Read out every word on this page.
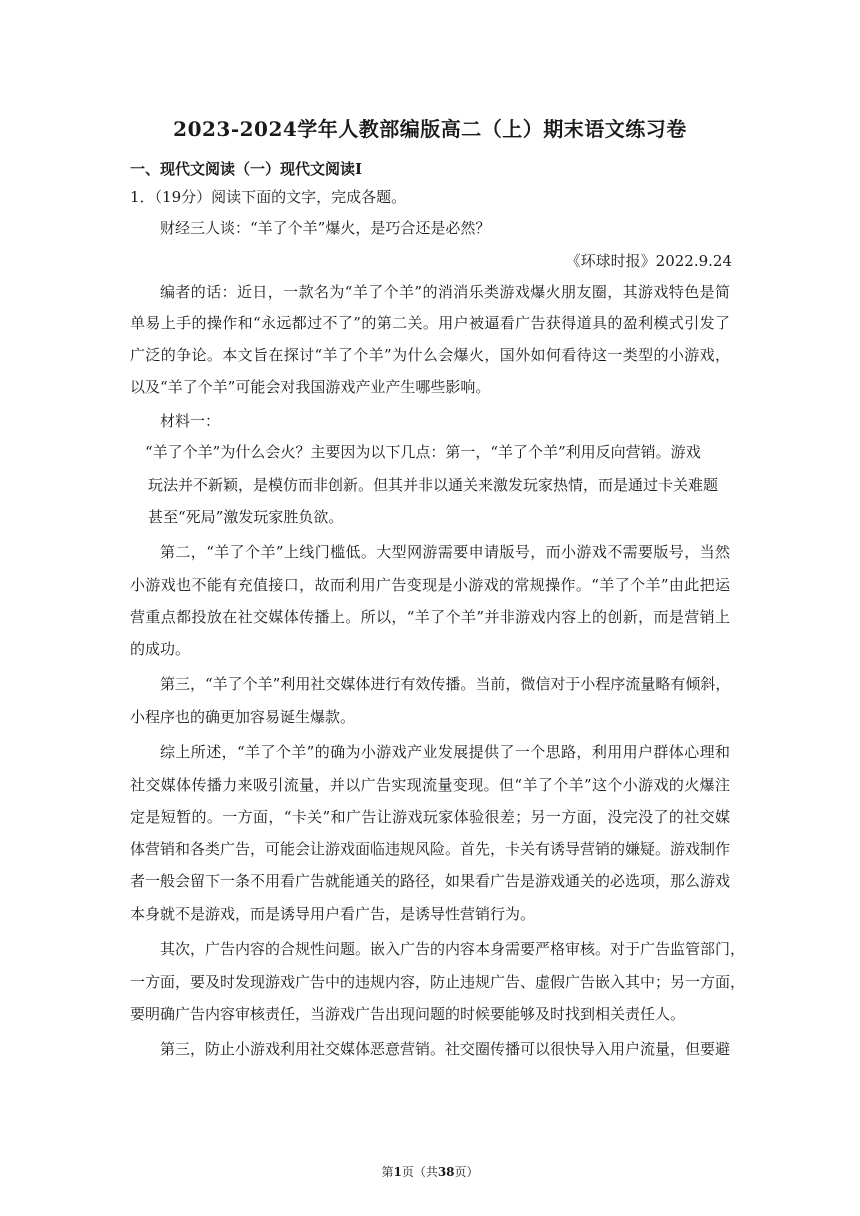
2023-2024学年人教部编版高二（上）期末语文练习卷
一、现代文阅读（一）现代文阅读Ⅰ
1．（19分）阅读下面的文字，完成各题。
财经三人谈：“羊了个羊”爆火，是巧合还是必然？
《环球时报》2022.9.24
编者的话：近日，一款名为“羊了个羊”的消消乐类游戏爆火朋友圈，其游戏特色是简
单易上手的操作和“永远都过不了”的第二关。用户被逼看广告获得道具的盈利模式引发了
广泛的争论。本文旨在探讨“羊了个羊”为什么会爆火，国外如何看待这一类型的小游戏，
以及“羊了个羊”可能会对我国游戏产业产生哪些影响。
材料一：
“羊了个羊”为什么会火？主要因为以下几点：第一，“羊了个羊”利用反向营销。游戏
玩法并不新颖，是模仿而非创新。但其并非以通关来激发玩家热情，而是通过卡关难题
甚至“死局”激发玩家胜负欲。
第二，“羊了个羊”上线门槛低。大型网游需要申请版号，而小游戏不需要版号，当然
小游戏也不能有充值接口，故而利用广告变现是小游戏的常规操作。“羊了个羊”由此把运
营重点都投放在社交媒体传播上。所以，“羊了个羊”并非游戏内容上的创新，而是营销上
的成功。
第三，“羊了个羊”利用社交媒体进行有效传播。当前，微信对于小程序流量略有倾斜，
小程序也的确更加容易诞生爆款。
综上所述，“羊了个羊”的确为小游戏产业发展提供了一个思路，利用用户群体心理和
社交媒体传播力来吸引流量，并以广告实现流量变现。但“羊了个羊”这个小游戏的火爆注
定是短暂的。一方面，“卡关”和广告让游戏玩家体验很差；另一方面，没完没了的社交媒
体营销和各类广告，可能会让游戏面临违规风险。首先，卡关有诱导营销的嫌疑。游戏制作
者一般会留下一条不用看广告就能通关的路径，如果看广告是游戏通关的必选项，那么游戏
本身就不是游戏，而是诱导用户看广告，是诱导性营销行为。
其次，广告内容的合规性问题。嵌入广告的内容本身需要严格审核。对于广告监管部门，
一方面，要及时发现游戏广告中的违规内容，防止违规广告、虚假广告嵌入其中；另一方面，
要明确广告内容审核责任，当游戏广告出现问题的时候要能够及时找到相关责任人。
第三，防止小游戏利用社交媒体恶意营销。社交圈传播可以很快导入用户流量，但要避
第1页（共38页）
